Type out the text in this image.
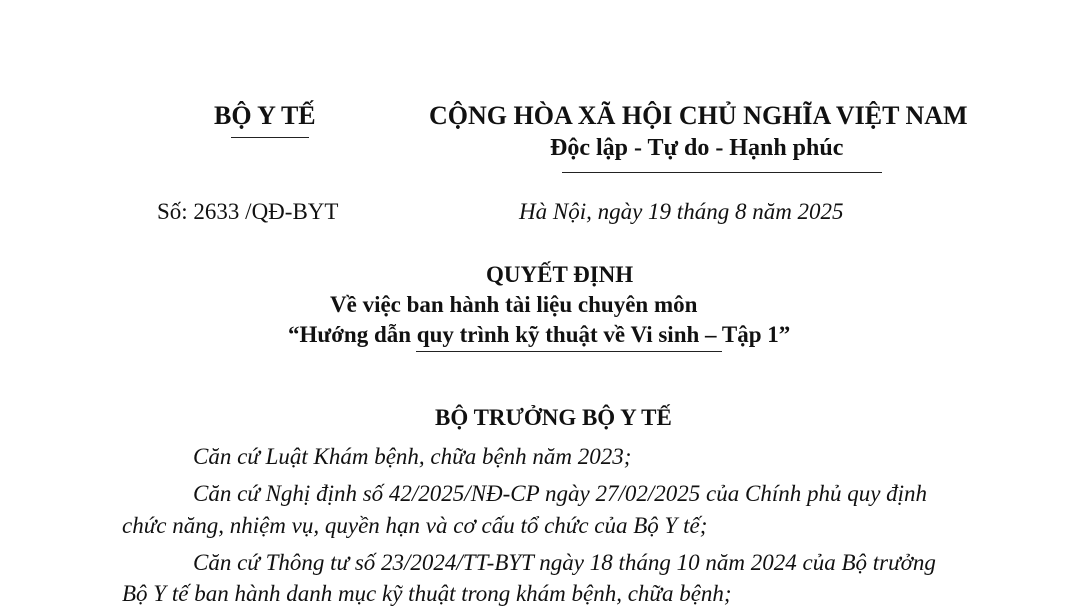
BỘ Y TẾ	CỘNG HÒA XÃ HỘI CHỦ NGHĨA VIỆT NAM
Độc lập - Tự do - Hạnh phúc
Số: 2633 /QĐ-BYT	Hà Nội, ngày 19 tháng 8 năm 2025
QUYẾT ĐỊNH
Về việc ban hành tài liệu chuyên môn
“Hướng dẫn quy trình kỹ thuật về Vi sinh – Tập 1”
BỘ TRƯỞNG BỘ Y TẾ
Căn cứ Luật Khám bệnh, chữa bệnh năm 2023;
Căn cứ Nghị định số 42/2025/NĐ-CP ngày 27/02/2025 của Chính phủ quy định
chức năng, nhiệm vụ, quyền hạn và cơ cấu tổ chức của Bộ Y tế;
Căn cứ Thông tư số 23/2024/TT-BYT ngày 18 tháng 10 năm 2024 của Bộ trưởng
Bộ Y tế ban hành danh mục kỹ thuật trong khám bệnh, chữa bệnh;
